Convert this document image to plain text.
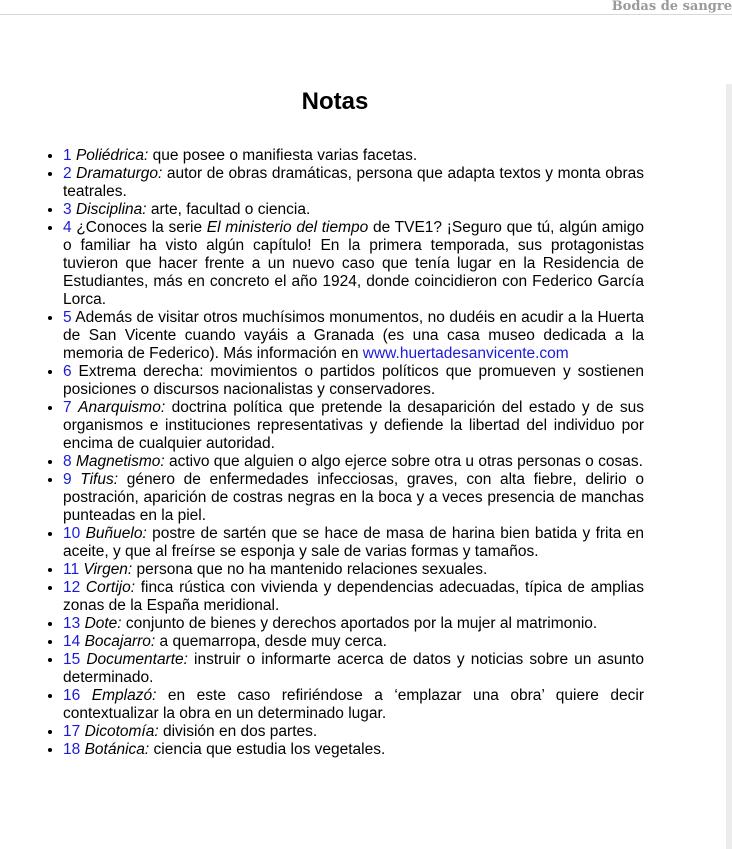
Bodas de sangre
Notas
• 1 Poliédrica: que posee o manifiesta varias facetas.
• 2 Dramaturgo: autor de obras dramáticas, persona que adapta textos y monta obras teatrales.
• 3 Disciplina: arte, facultad o ciencia.
• 4 ¿Conoces la serie El ministerio del tiempo de TVE1? ¡Seguro que tú, algún amigo o familiar ha visto algún capítulo! En la primera temporada, sus protagonistas tuvieron que hacer frente a un nuevo caso que tenía lugar en la Residencia de Estudiantes, más en concreto el año 1924, donde coincidieron con Federico García Lorca.
• 5 Además de visitar otros muchísimos monumentos, no dudéis en acudir a la Huerta de San Vicente cuando vayáis a Granada (es una casa museo dedicada a la memoria de Federico). Más información en www.huertadesanvicente.com
• 6 Extrema derecha: movimientos o partidos políticos que promueven y sostienen posiciones o discursos nacionalistas y conservadores.
• 7 Anarquismo: doctrina política que pretende la desaparición del estado y de sus organismos e instituciones representativas y defiende la libertad del individuo por encima de cualquier autoridad.
• 8 Magnetismo: activo que alguien o algo ejerce sobre otra u otras personas o cosas.
• 9 Tifus: género de enfermedades infecciosas, graves, con alta fiebre, delirio o postración, aparición de costras negras en la boca y a veces presencia de manchas punteadas en la piel.
• 10 Buñuelo: postre de sartén que se hace de masa de harina bien batida y frita en aceite, y que al freírse se esponja y sale de varias formas y tamaños.
• 11 Virgen: persona que no ha mantenido relaciones sexuales.
• 12 Cortijo: finca rústica con vivienda y dependencias adecuadas, típica de amplias zonas de la España meridional.
• 13 Dote: conjunto de bienes y derechos aportados por la mujer al matrimonio.
• 14 Bocajarro: a quemarropa, desde muy cerca.
• 15 Documentarte: instruir o informarte acerca de datos y noticias sobre un asunto determinado.
• 16 Emplazó: en este caso refiriéndose a ‘emplazar una obra’ quiere decir contextualizar la obra en un determinado lugar.
• 17 Dicotomía: división en dos partes.
• 18 Botánica: ciencia que estudia los vegetales.
